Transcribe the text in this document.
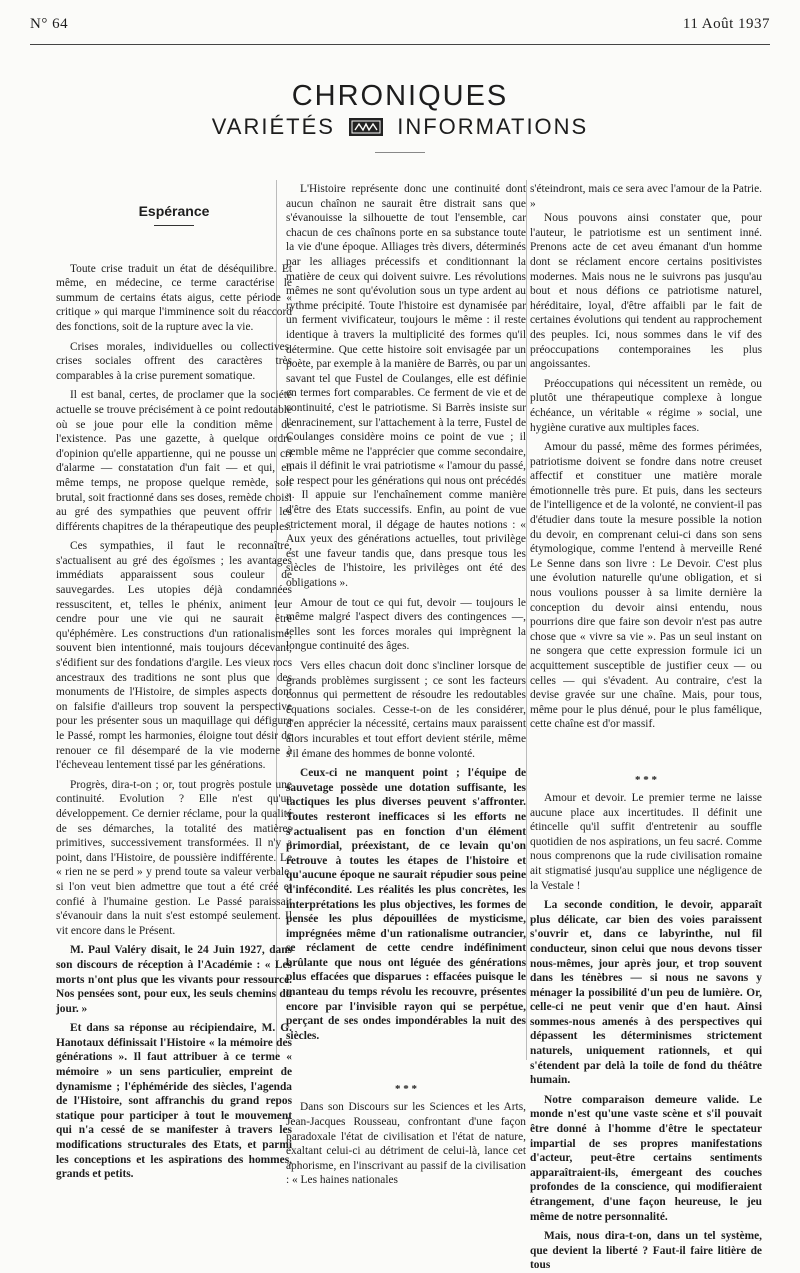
N° 64	11 Août 1937
CHRONIQUES
VARIÉTÉS	INFORMATIONS
Espérance

Toute crise traduit un état de déséquilibre. Et même, en médecine, ce terme caractérise le summum de certains états aigus, cette période « critique » qui marque l'imminence soit du réaccord des fonctions, soit de la rupture avec la vie.

Crises morales, individuelles ou collectives, crises sociales offrent des caractères très comparables à la crise purement somatique.

Il est banal, certes, de proclamer que la société actuelle se trouve précisément à ce point redoutable où se joue pour elle la condition même de l'existence. Pas une gazette, à quelque ordre d'opinion qu'elle appartienne, qui ne pousse un cri d'alarme — constatation d'un fait — et qui, en même temps, ne propose quelque remède, soit brutal, soit fractionné dans ses doses, remède choisi au gré des sympathies que peuvent offrir les différents chapitres de la thérapeutique des peuples.

Ces sympathies, il faut le reconnaître, s'actualisent au gré des égoïsmes ; les avantages immédiats apparaissent sous couleur de sauvegardes. Les utopies déjà condamnées ressuscitent, et, telles le phénix, animent leur cendre pour une vie qui ne saurait être qu'éphémère. Les constructions d'un rationalisme, souvent bien intentionné, mais toujours décevant, s'édifient sur des fondations d'argile. Les vieux rocs ancestraux des traditions ne sont plus que des monuments de l'Histoire, de simples aspects dont on falsifie d'ailleurs trop souvent la perspective pour les présenter sous un maquillage qui défigure le Passé, rompt les harmonies, éloigne tout désir de renouer ce fil désemparé de la vie moderne à l'écheveau lentement tissé par les générations.

Progrès, dira-t-on ; or, tout progrès postule une continuité. Evolution ? Elle n'est qu'un développement. Ce dernier réclame, pour la qualité de ses démarches, la totalité des matières primitives, successivement transformées. Il n'y a point, dans l'Histoire, de poussière indifférente. Le « rien ne se perd » y prend toute sa valeur verbale, si l'on veut bien admettre que tout a été créé et confié à l'humaine gestion. Le Passé paraissait s'évanouir dans la nuit s'est estompé seulement. Il vit encore dans le Présent.

M. Paul Valéry disait, le 24 Juin 1927, dans son discours de réception à l'Académie : « Les morts n'ont plus que les vivants pour ressource. Nos pensées sont, pour eux, les seuls chemins du jour. »

Et dans sa réponse au récipiendaire, M. G. Hanotaux définissait l'Histoire « la mémoire des générations ». Il faut attribuer à ce terme « mémoire » un sens particulier, empreint de dynamisme ; l'éphéméride des siècles, l'agenda de l'Histoire, sont affranchis du grand repos statique pour participer à tout le mouvement qui n'a cessé de se manifester à travers les modifications structurales des Etats, et parmi les conceptions et les aspirations des hommes, grands et petits.

L'Histoire représente donc une continuité dont aucun chaînon ne saurait être distrait sans que s'évanouisse la silhouette de tout l'ensemble, car chacun de ces chaînons porte en sa substance toute la vie d'une époque. Alliages très divers, déterminés par les alliages précessifs et conditionnant la matière de ceux qui doivent suivre. Les révolutions mêmes ne sont qu'évolution sous un type ardent au rythme précipité. Toute l'histoire est dynamisée par un ferment vivificateur, toujours le même : il reste identique à travers la multiplicité des formes qu'il détermine. Que cette histoire soit envisagée par un poète, par exemple à la manière de Barrès, ou par un savant tel que Fustel de Coulanges, elle est définie en termes fort comparables. Ce ferment de vie et de continuité, c'est le patriotisme. Si Barrès insiste sur l'enracinement, sur l'attachement à la terre, Fustel de Coulanges considère moins ce point de vue ; il semble même ne l'apprécier que comme secondaire, mais il définit le vrai patriotisme « l'amour du passé, le respect pour les générations qui nous ont précédés ». Il appuie sur l'enchaînement comme manière d'être des Etats successifs. Enfin, au point de vue strictement moral, il dégage de hautes notions : « Aux yeux des générations actuelles, tout privilège est une faveur tandis que, dans presque tous les siècles de l'histoire, les privilèges ont été des obligations ».

Amour de tout ce qui fut, devoir — toujours le même malgré l'aspect divers des contingences —, telles sont les forces morales qui imprègnent la longue continuité des âges.

Vers elles chacun doit donc s'incliner lorsque de grands problèmes surgissent ; ce sont les facteurs connus qui permettent de résoudre les redoutables équations sociales. Cesse-t-on de les considérer, d'en apprécier la nécessité, certains maux paraissent alors incurables et tout effort devient stérile, même s'il émane des hommes de bonne volonté.

Ceux-ci ne manquent point ; l'équipe de sauvetage possède une dotation suffisante, les tactiques les plus diverses peuvent s'affronter. Toutes resteront inefficaces si les efforts ne s'actualisent pas en fonction d'un élément primordial, préexistant, de ce levain qu'on retrouve à toutes les étapes de l'histoire et qu'aucune époque ne saurait répudier sous peine d'infécondité. Les réalités les plus concrètes, les interprétations les plus objectives, les formes de pensée les plus dépouillées de mysticisme, imprégnées même d'un rationalisme outrancier, se réclament de cette cendre indéfiniment brûlante que nous ont léguée des générations plus effacées que disparues : effacées puisque le manteau du temps révolu les recouvre, présentes encore par l'invisible rayon qui se perpétue, perçant de ses ondes impondérables la nuit des siècles.

* * *

Dans son Discours sur les Sciences et les Arts, Jean-Jacques Rousseau, confrontant d'une façon paradoxale l'état de civilisation et l'état de nature, exaltant celui-ci au détriment de celui-là, lance cet aphorisme, en l'inscrivant au passif de la civilisation : « Les haines nationales

s'éteindront, mais ce sera avec l'amour de la Patrie. »

Nous pouvons ainsi constater que, pour l'auteur, le patriotisme est un sentiment inné. Prenons acte de cet aveu émanant d'un homme dont se réclament encore certains positivistes modernes. Mais nous ne le suivrons pas jusqu'au bout et nous défions ce patriotisme naturel, héréditaire, loyal, d'être affaibli par le fait de certaines évolutions qui tendent au rapprochement des peuples. Ici, nous sommes dans le vif des préoccupations contemporaines les plus angoissantes.

Préoccupations qui nécessitent un remède, ou plutôt une thérapeutique complexe à longue échéance, un véritable « régime » social, une hygiène curative aux multiples faces.

Amour du passé, même des formes périmées, patriotisme doivent se fondre dans notre creuset affectif et constituer une matière morale émotionnelle très pure. Et puis, dans les secteurs de l'intelligence et de la volonté, ne convient-il pas d'étudier dans toute la mesure possible la notion du devoir, en comprenant celui-ci dans son sens étymologique, comme l'entend à merveille René Le Senne dans son livre : Le Devoir. C'est plus une évolution naturelle qu'une obligation, et si nous voulions pousser à sa limite dernière la conception du devoir ainsi entendu, nous pourrions dire que faire son devoir n'est pas autre chose que « vivre sa vie ». Pas un seul instant on ne songera que cette expression formule ici un acquittement susceptible de justifier ceux — ou celles — qui s'évadent. Au contraire, c'est la devise gravée sur une chaîne. Mais, pour tous, même pour le plus dénué, pour le plus famélique, cette chaîne est d'or massif.

* * *

Amour et devoir. Le premier terme ne laisse aucune place aux incertitudes. Il définit une étincelle qu'il suffit d'entretenir au souffle quotidien de nos aspirations, un feu sacré. Comme nous comprenons que la rude civilisation romaine ait stigmatisé jusqu'au supplice une négligence de la Vestale !

La seconde condition, le devoir, apparaît plus délicate, car bien des voies paraissent s'ouvrir et, dans ce labyrinthe, nul fil conducteur, sinon celui que nous devons tisser nous-mêmes, jour après jour, et trop souvent dans les ténèbres — si nous ne savons y ménager la possibilité d'un peu de lumière. Or, celle-ci ne peut venir que d'en haut. Ainsi sommes-nous amenés à des perspectives qui dépassent les déterminismes strictement naturels, uniquement rationnels, et qui s'étendent par delà la toile de fond du théâtre humain.

Notre comparaison demeure valide. Le monde n'est qu'une vaste scène et s'il pouvait être donné à l'homme d'être le spectateur impartial de ses propres manifestations d'acteur, peut-être certains sentiments apparaîtraient-ils, émergeant des couches profondes de la conscience, qui modifieraient étrangement, d'une façon heureuse, le jeu même de notre personnalité.

Mais, nous dira-t-on, dans un tel système, que devient la liberté ? Faut-il faire litière de tous
